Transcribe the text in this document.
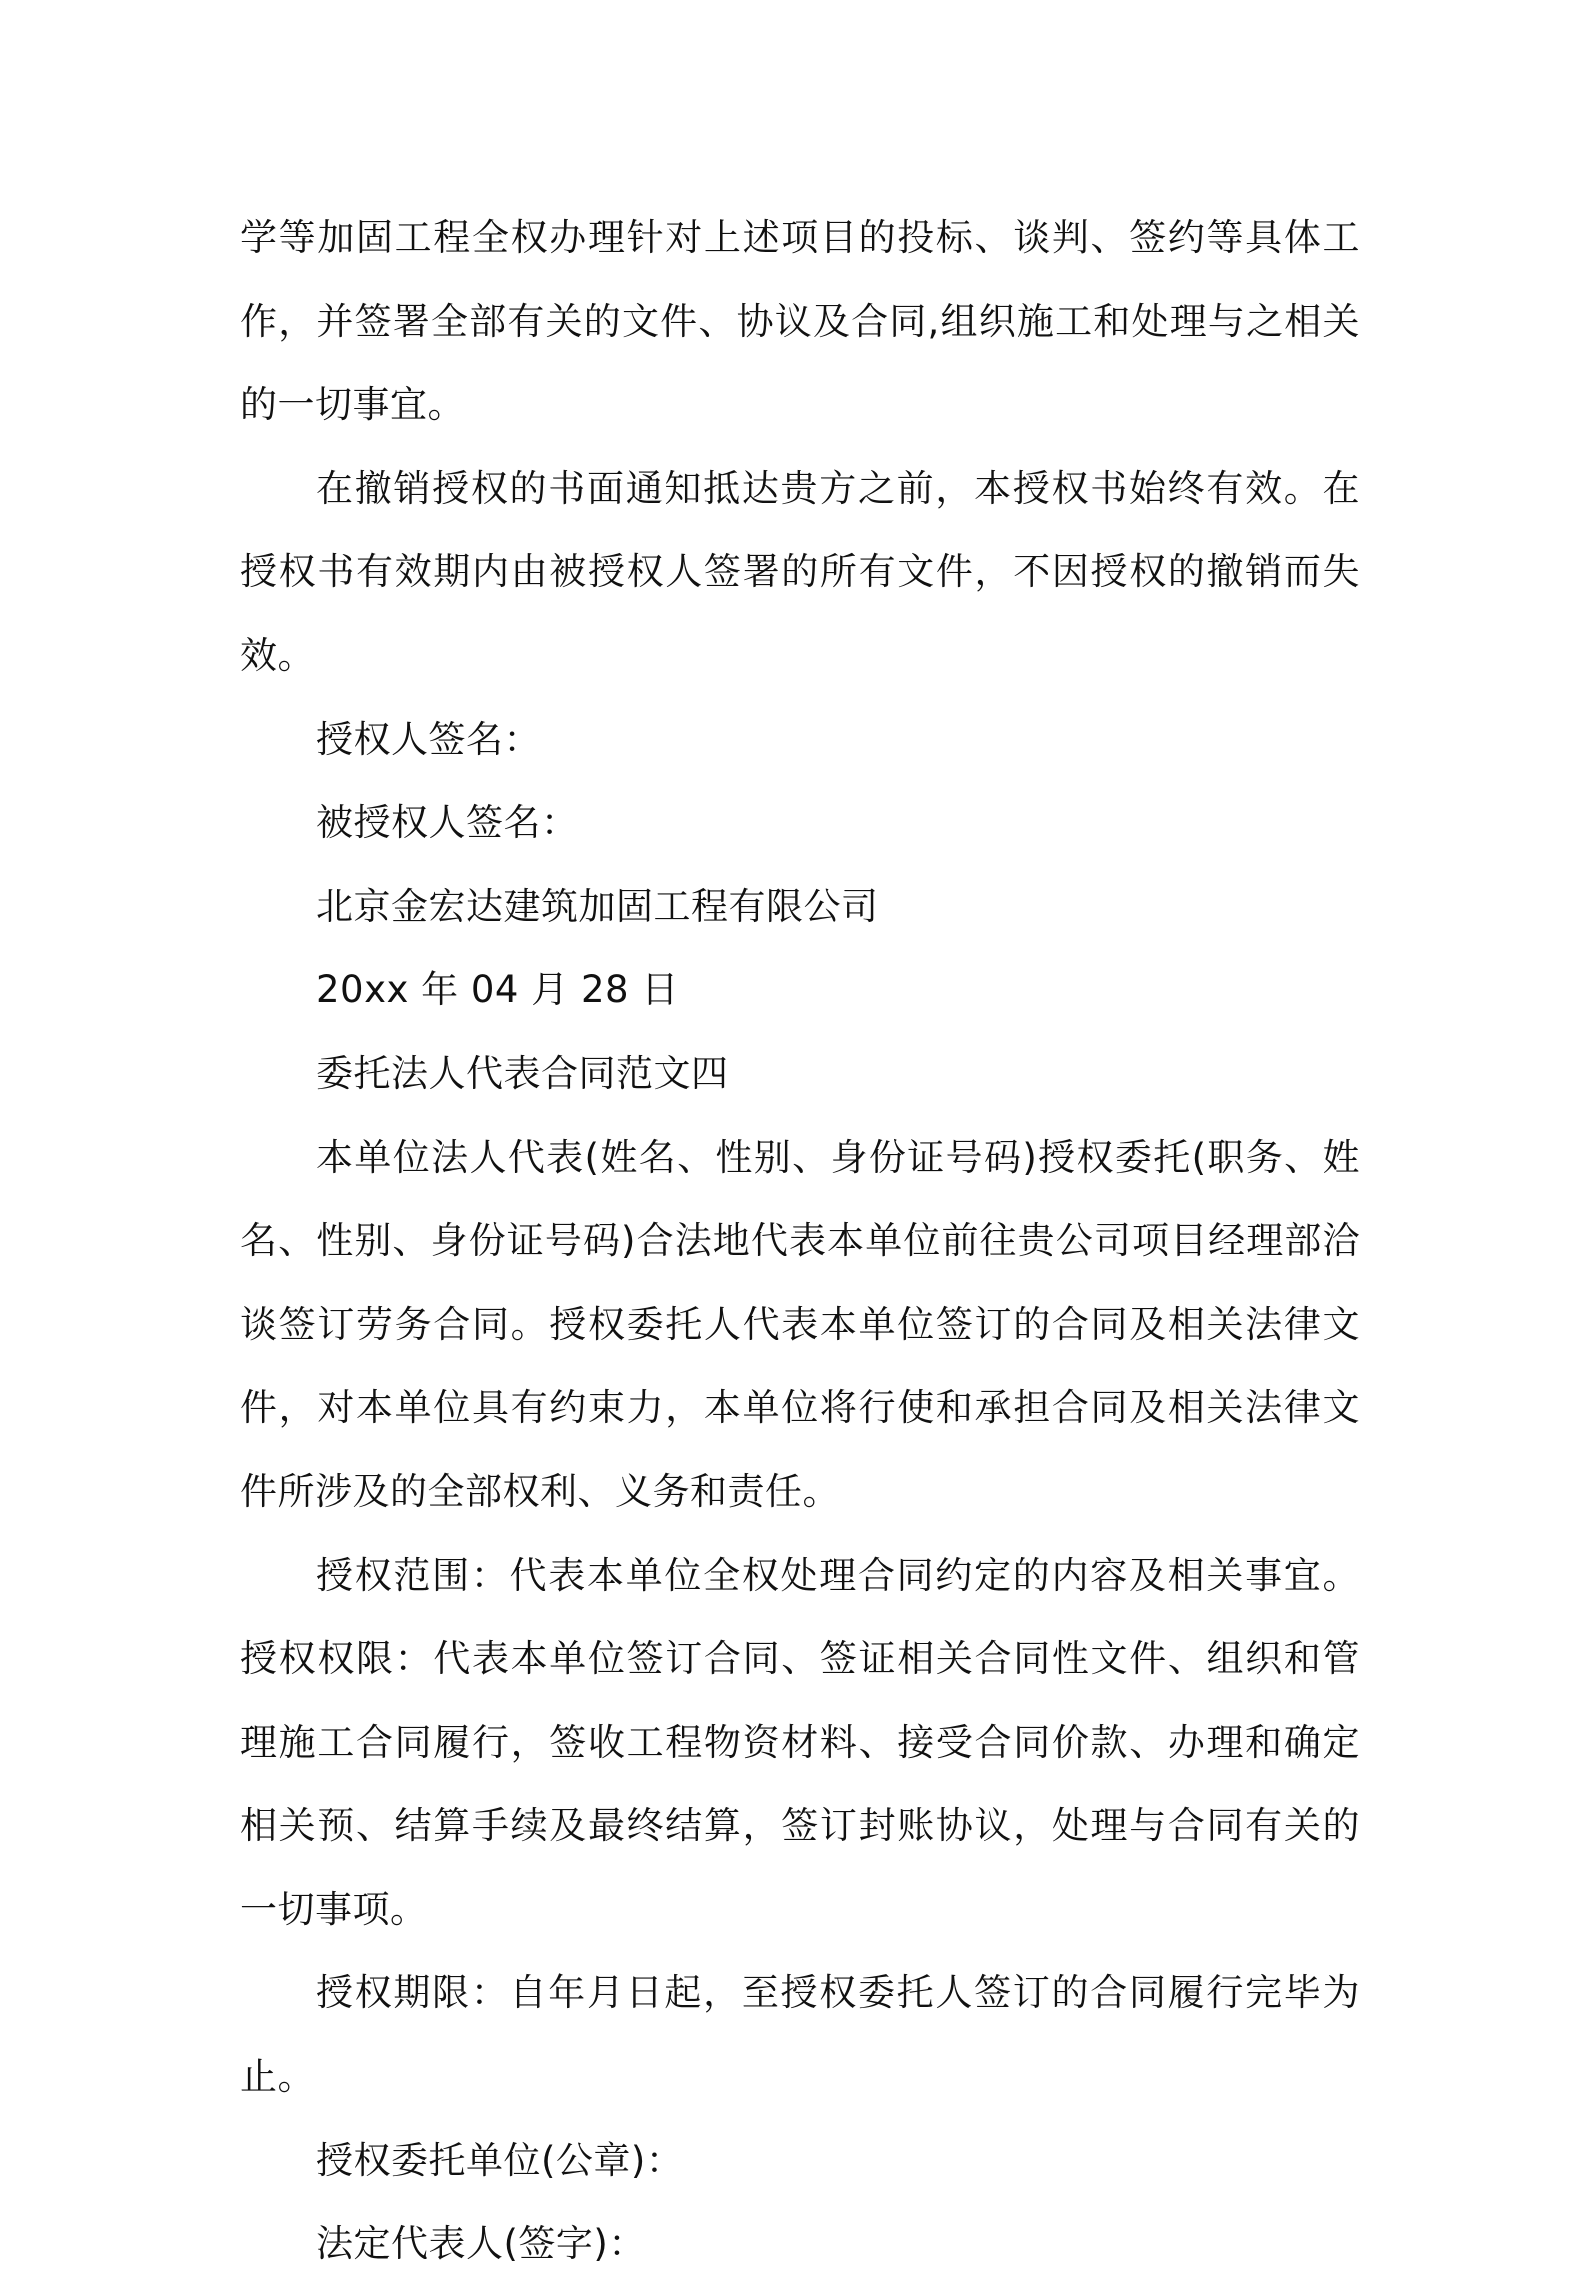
学等加固工程全权办理针对上述项目的投标、谈判、签约等具体工作，并签署全部有关的文件、协议及合同,组织施工和处理与之相关的一切事宜。

在撤销授权的书面通知抵达贵方之前，本授权书始终有效。在授权书有效期内由被授权人签署的所有文件，不因授权的撤销而失效。

授权人签名：

被授权人签名：

北京金宏达建筑加固工程有限公司

20xx 年 04 月 28 日

委托法人代表合同范文四

本单位法人代表(姓名、性别、身份证号码)授权委托(职务、姓名、性别、身份证号码)合法地代表本单位前往贵公司项目经理部洽谈签订劳务合同。授权委托人代表本单位签订的合同及相关法律文件，对本单位具有约束力，本单位将行使和承担合同及相关法律文件所涉及的全部权利、义务和责任。

授权范围：代表本单位全权处理合同约定的内容及相关事宜。授权权限：代表本单位签订合同、签证相关合同性文件、组织和管理施工合同履行，签收工程物资材料、接受合同价款、办理和确定相关预、结算手续及最终结算，签订封账协议，处理与合同有关的一切事项。

授权期限：自年月日起，至授权委托人签订的合同履行完毕为止。

授权委托单位(公章)：

法定代表人(签字)：
